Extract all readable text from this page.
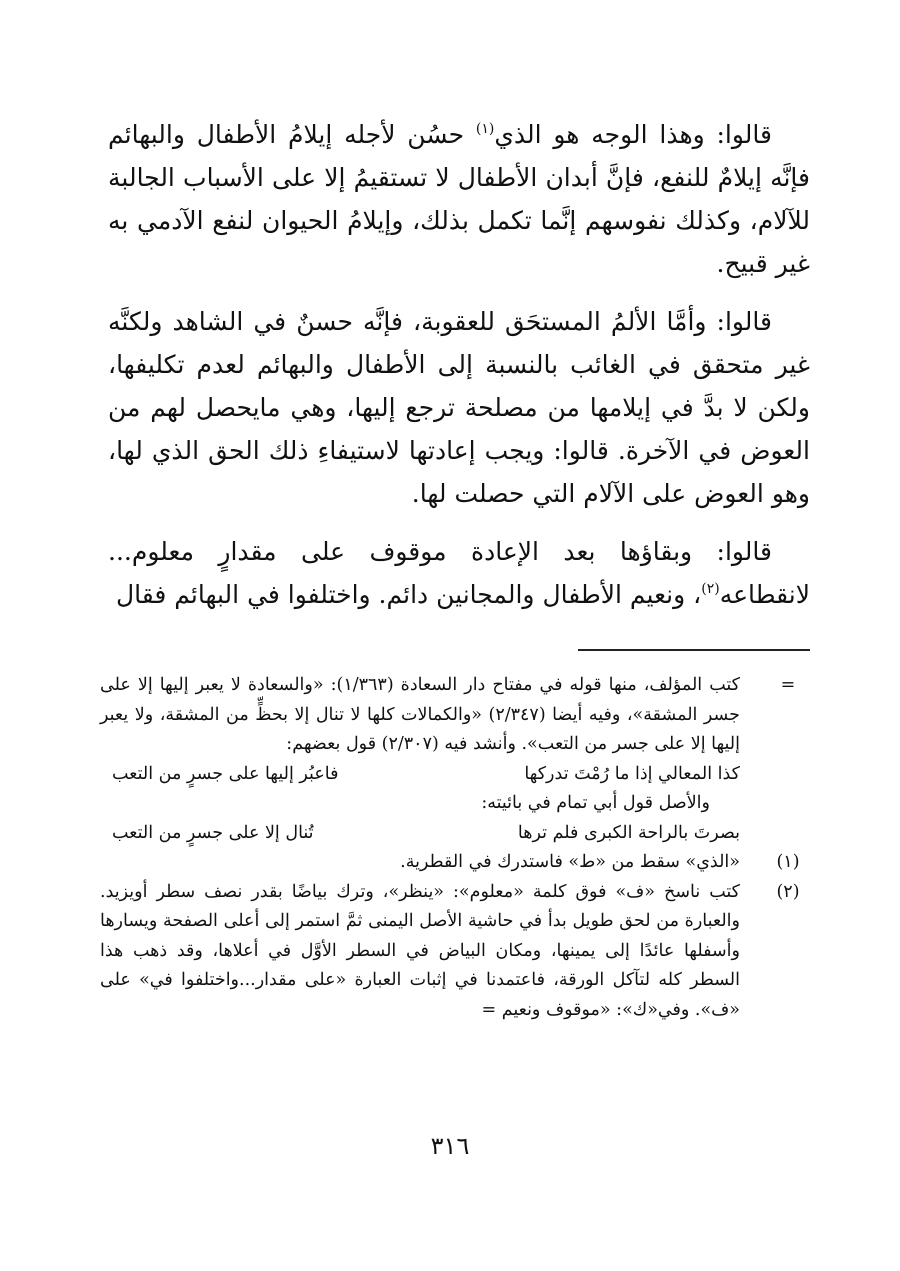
قالوا: وهذا الوجه هو الذي$^{(١)}$ حسُن لأجله إيلامُ الأطفال والبهائم فإنَّه إيلامٌ للنفع، فإنَّ أبدان الأطفال لا تستقيمُ إلا على الأسباب الجالبة للآلام، وكذلك نفوسهم إنَّما تكمل بذلك، وإيلامُ الحيوان لنفع الآدمي به غير قبيح.

قالوا: وأمَّا الألمُ المستحَق للعقوبة، فإنَّه حسنٌ في الشاهد ولكنَّه غير متحقق في الغائب بالنسبة إلى الأطفال والبهائم لعدم تكليفها، ولكن لا بدَّ في إيلامها من مصلحة ترجع إليها، وهي مايحصل لهم من العوض في الآخرة. قالوا: ويجب إعادتها لاستيفاءِ ذلك الحق الذي لها، وهو العوض على الآلام التي حصلت لها.

قالوا: وبقاؤها بعد الإعادة موقوف على مقدارٍ معلوم... لانقطاعه$^{(٢)}$، ونعيم الأطفال والمجانين دائم. واختلفوا في البهائم فقال

=
كتب المؤلف، منها قوله في مفتاح دار السعادة (١/٣٦٣): «والسعادة لا يعبر إليها إلا على جسر المشقة»، وفيه أيضا (٢/٣٤٧) «والكمالات كلها لا تنال إلا بحظٍّ من المشقة، ولا يعبر إليها إلا على جسر من التعب». وأنشد فيه (٢/٣٠٧) قول بعضهم:
كذا المعالي إذا ما رُمْتَ تدركها
فاعبُر إليها على جسرٍ من التعب
والأصل قول أبي تمام في بائيته:
بصرتَ بالراحة الكبرى فلم ترها
تُنال إلا على جسرٍ من التعب
(١)
«الذي» سقط من «ط» فاستدرك في القطرية.
(٢)
كتب ناسخ «ف» فوق كلمة «معلوم»: «ينظر»، وترك بياضًا بقدر نصف سطر أويزيد. والعبارة من لحق طويل بدأ في حاشية الأصل اليمنى ثمَّ استمر إلى أعلى الصفحة ويسارها وأسفلها عائدًا إلى يمينها، ومكان البياض في السطر الأوَّل في أعلاها، وقد ذهب هذا السطر كله لتآكل الورقة، فاعتمدنا في إثبات العبارة «على مقدار...واختلفوا في» على «ف». وفي«ك»: «موقوف ونعيم =
٣١٦
